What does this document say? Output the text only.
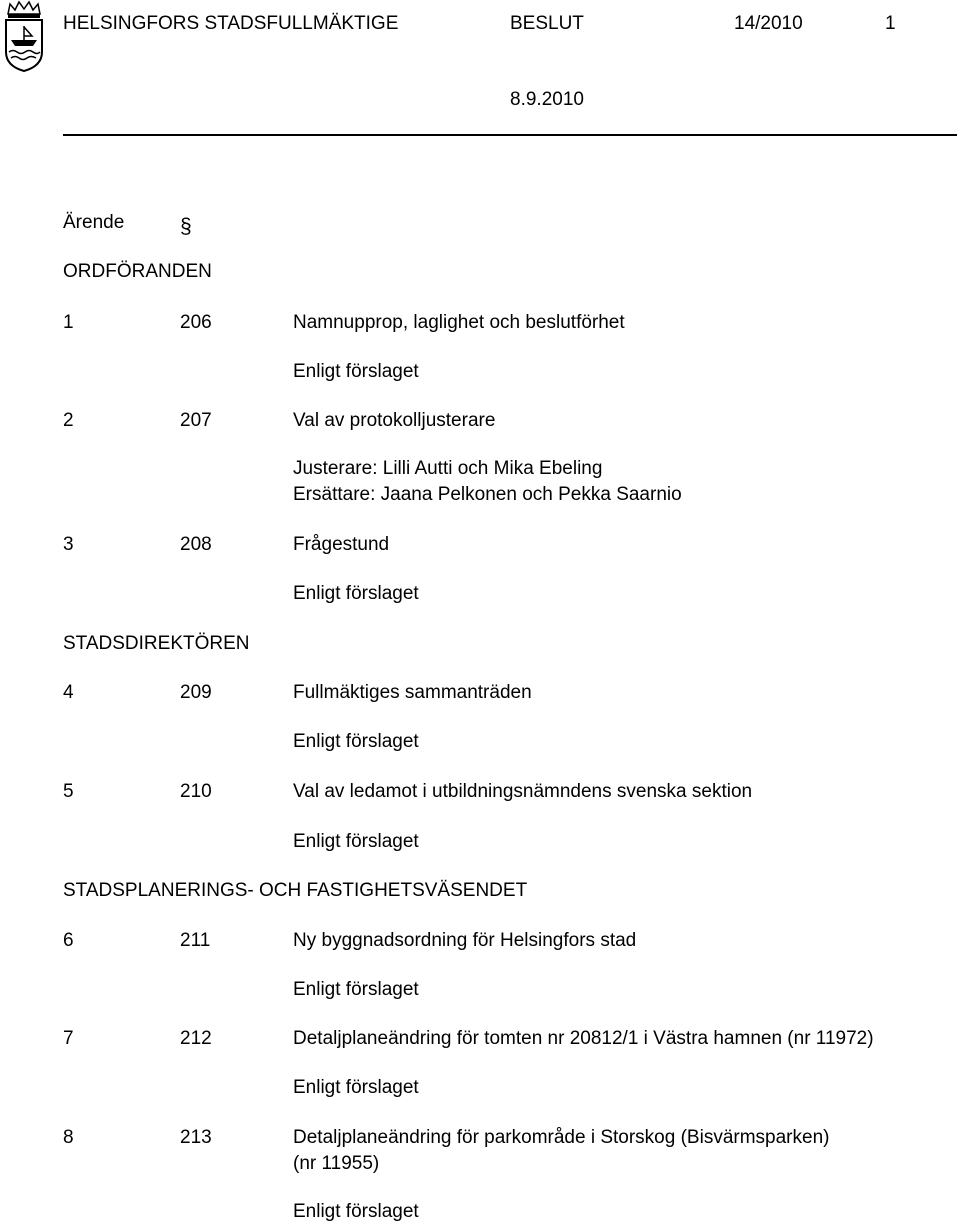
HELSINGFORS STADSFULLMÄKTIGE	BESLUT	14/2010	1
8.9.2010
Ärende	§
ORDFÖRANDEN
1	206	Namnupprop, laglighet och beslutförhet
Enligt förslaget
2	207	Val av protokolljusterare
Justerare: Lilli Autti och Mika Ebeling
Ersättare: Jaana Pelkonen och Pekka Saarnio
3	208	Frågestund
Enligt förslaget
STADSDIREKTÖREN
4	209	Fullmäktiges sammanträden
Enligt förslaget
5	210	Val av ledamot i utbildningsnämndens svenska sektion
Enligt förslaget
STADSPLANERINGS- OCH FASTIGHETSVÄSENDET
6	211	Ny byggnadsordning för Helsingfors stad
Enligt förslaget
7	212	Detaljplaneändring för tomten nr 20812/1 i Västra hamnen (nr 11972)
Enligt förslaget
8	213	Detaljplaneändring för parkområde i Storskog (Bisvärmsparken)
(nr 11955)
Enligt förslaget
